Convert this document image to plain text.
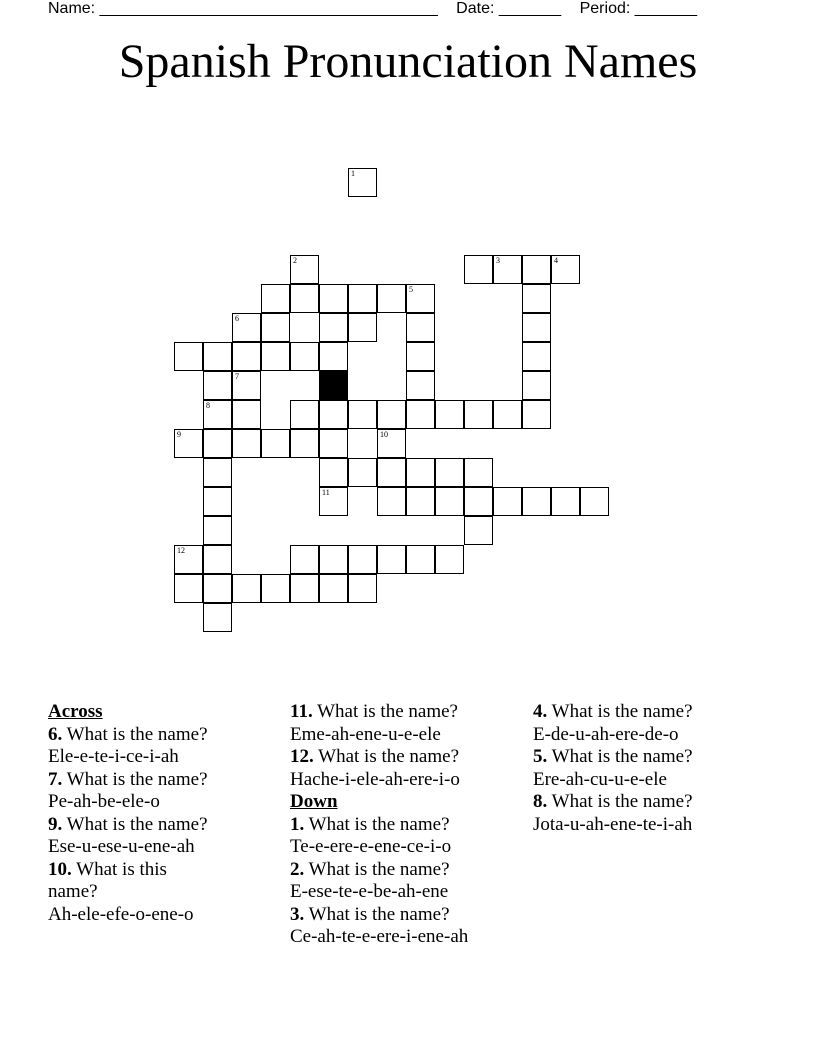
Name: ______________________________________ Date: _______ Period: _______
Spanish Pronunciation Names
5
3
6
7
8
9
1
2	4
10
11
12
Across
6. What is the name?
Ele-e-te-i-ce-i-ah
7. What is the name?
Pe-ah-be-ele-o
9. What is the name?
Ese-u-ese-u-ene-ah
10. What is this name?
Ah-ele-efe-o-ene-o
11. What is the name?
Eme-ah-ene-u-e-ele
12. What is the name?
Hache-i-ele-ah-ere-i-o
Down
1. What is the name?
Te-e-ere-e-ene-ce-i-o
2. What is the name?
E-ese-te-e-be-ah-ene
3. What is the name?
Ce-ah-te-e-ere-i-ene-ah
4. What is the name?
E-de-u-ah-ere-de-o
5. What is the name?
Ere-ah-cu-u-e-ele
8. What is the name?
Jota-u-ah-ene-te-i-ah
